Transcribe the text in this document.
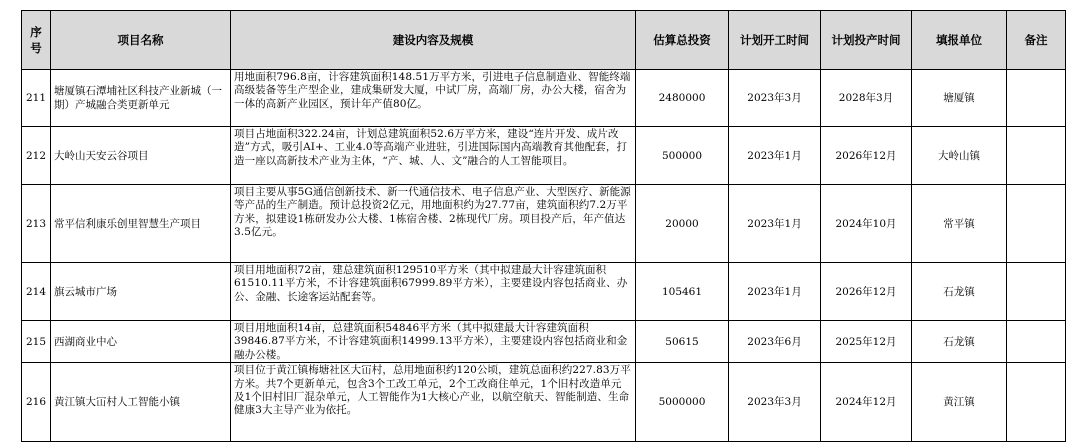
序号	项目名称	建设内容及规模	估算总投资	计划开工时间	计划投产时间	填报单位	备注
211	塘厦镇石潭埔社区科技产业新城（一期）产城融合类更新单元	用地面积796.8亩，计容建筑面积148.51万平方米，引进电子信息制造业、智能终端高级装备等生产型企业，建成集研发大厦，中试厂房，高端厂房，办公大楼，宿舍为一体的高新产业园区，预计年产值80亿。	2480000	2023年3月	2028年3月	塘厦镇	
212	大岭山天安云谷项目	项目占地面积322.24亩，计划总建筑面积52.6万平方米，建设“连片开发、成片改造”方式，吸引AI+、工业4.0等高端产业进驻，引进国际国内高端教育其他配套，打造一座以高新技术产业为主体，“产、城、人、文”融合的人工智能项目。	500000	2023年1月	2026年12月	大岭山镇	
213	常平信利康乐创里智慧生产项目	项目主要从事5G通信创新技术、新一代通信技术、电子信息产业、大型医疗、新能源等产品的生产制造。预计总投资2亿元，用地面积约为27.77亩，建筑面积约7.2万平方米，拟建设1栋研发办公大楼、1栋宿舍楼、2栋现代厂房。项目投产后，年产值达3.5亿元。	20000	2023年1月	2024年10月	常平镇	
214	旗云城市广场	项目用地面积72亩，建总建筑面积129510平方米（其中拟建最大计容建筑面积61510.11平方米，不计容建筑面积67999.89平方米），主要建设内容包括商业、办公、金融、长途客运站配套等。	105461	2023年1月	2026年12月	石龙镇	
215	西湖商业中心	项目用地面积14亩，总建筑面积54846平方米（其中拟建最大计容建筑面积39846.87平方米，不计容建筑面积14999.13平方米），主要建设内容包括商业和金融办公楼。	50615	2023年6月	2025年12月	石龙镇	
216	黄江镇大冚村人工智能小镇	项目位于黄江镇梅塘社区大冚村，总用地面积约120公顷，建筑总面积约227.83万平方米。共7个更新单元，包含3个工改工单元，2个工改商住单元，1个旧村改造单元及1个旧村旧厂混杂单元，人工智能作为1大核心产业，以航空航天、智能制造、生命健康3大主导产业为依托。	5000000	2023年3月	2024年12月	黄江镇	
